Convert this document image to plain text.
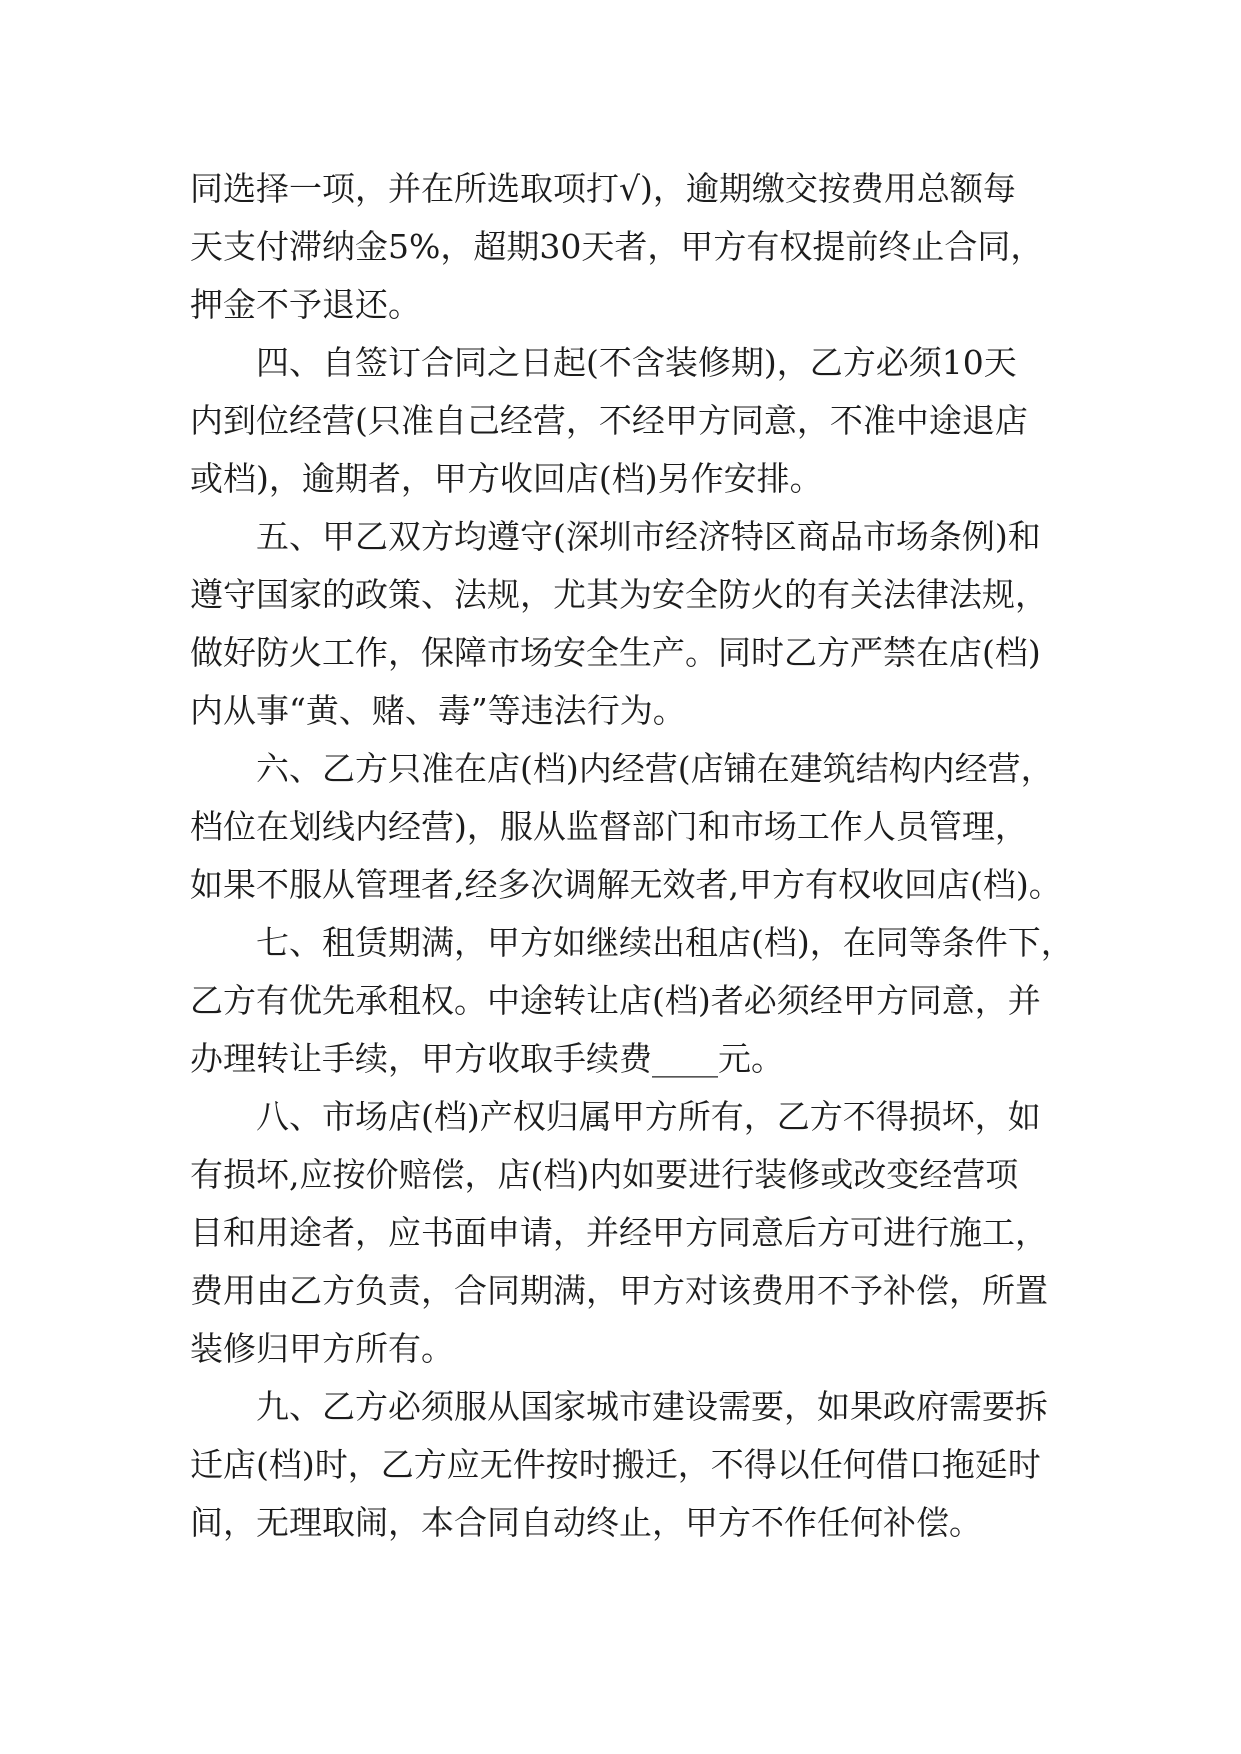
同选择一项，并在所选取项打√)，逾期缴交按费用总额每
天支付滞纳金5%，超期30天者，甲方有权提前终止合同，
押金不予退还。
　　四、自签订合同之日起(不含装修期)，乙方必须10天
内到位经营(只准自己经营，不经甲方同意，不准中途退店
或档)，逾期者，甲方收回店(档)另作安排。
　　五、甲乙双方均遵守(深圳市经济特区商品市场条例)和
遵守国家的政策、法规，尤其为安全防火的有关法律法规，
做好防火工作，保障市场安全生产。同时乙方严禁在店(档)
内从事“黄、赌、毒”等违法行为。
　　六、乙方只准在店(档)内经营(店铺在建筑结构内经营，
档位在划线内经营)，服从监督部门和市场工作人员管理，
如果不服从管理者,经多次调解无效者,甲方有权收回店(档)。
　　七、租赁期满，甲方如继续出租店(档)，在同等条件下，
乙方有优先承租权。中途转让店(档)者必须经甲方同意，并
办理转让手续，甲方收取手续费____元。
　　八、市场店(档)产权归属甲方所有，乙方不得损坏，如
有损坏,应按价赔偿，店(档)内如要进行装修或改变经营项
目和用途者，应书面申请，并经甲方同意后方可进行施工，
费用由乙方负责，合同期满，甲方对该费用不予补偿，所置
装修归甲方所有。
　　九、乙方必须服从国家城市建设需要，如果政府需要拆
迁店(档)时，乙方应无件按时搬迁，不得以任何借口拖延时
间，无理取闹，本合同自动终止，甲方不作任何补偿。
